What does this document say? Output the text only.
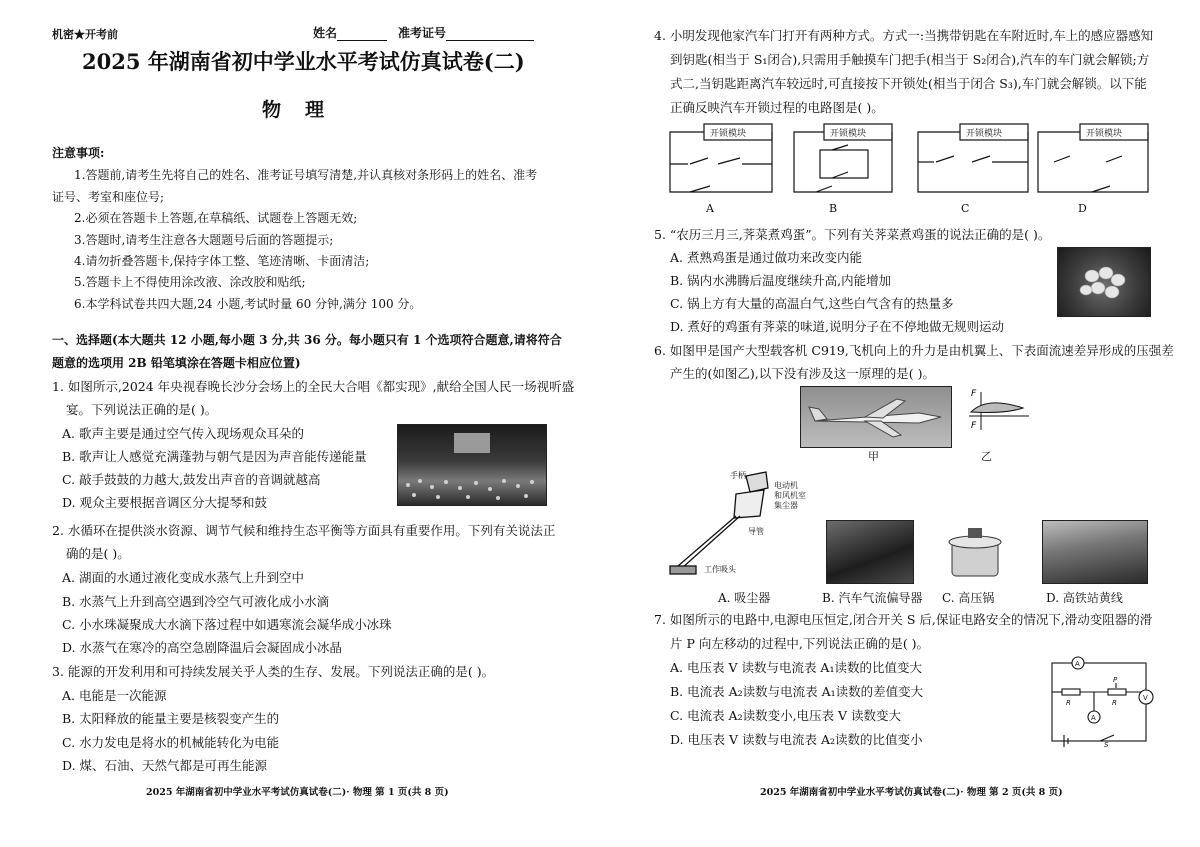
机密★开考前	姓名	准考证号
2025 年湖南省初中学业水平考试仿真试卷(二)
物理
注意事项:
1.答题前,请考生先将自己的姓名、准考证号填写清楚,并认真核对条形码上的姓名、准考
证号、考室和座位号;
2.必须在答题卡上答题,在草稿纸、试题卷上答题无效;
3.答题时,请考生注意各大题题号后面的答题提示;
4.请勿折叠答题卡,保持字体工整、笔迹清晰、卡面清洁;
5.答题卡上不得使用涂改液、涂改胶和贴纸;
6.本学科试卷共四大题,24 小题,考试时量 60 分钟,满分 100 分。
一、选择题(本大题共 12 小题,每小题 3 分,共 36 分。每小题只有 1 个选项符合题意,请将符合
题意的选项用 2B 铅笔填涂在答题卡相应位置)
1. 如图所示,2024 年央视春晚长沙分会场上的全民大合唱《都实现》,献给全国人民一场视听盛
宴。下列说法正确的是( )。
A. 歌声主要是通过空气传入现场观众耳朵的
B. 歌声让人感觉充满蓬勃与朝气是因为声音能传递能量
C. 敲手鼓鼓的力越大,鼓发出声音的音调就越高
D. 观众主要根据音调区分大提琴和鼓
2. 水循环在提供淡水资源、调节气候和维持生态平衡等方面具有重要作用。下列有关说法正
确的是( )。
A. 湖面的水通过液化变成水蒸气上升到空中
B. 水蒸气上升到高空遇到冷空气可液化成小水滴
C. 小水珠凝聚成大水滴下落过程中如遇寒流会凝华成小冰珠
D. 水蒸气在寒冷的高空急剧降温后会凝固成小冰晶
3. 能源的开发利用和可持续发展关乎人类的生存、发展。下列说法正确的是( )。
A. 电能是一次能源
B. 太阳释放的能量主要是核裂变产生的
C. 水力发电是将水的机械能转化为电能
D. 煤、石油、天然气都是可再生能源
2025 年湖南省初中学业水平考试仿真试卷(二)· 物理 第 1 页(共 8 页)
4. 小明发现他家汽车门打开有两种方式。方式一:当携带钥匙在车附近时,车上的感应器感知
到钥匙(相当于 S₁闭合),只需用手触摸车门把手(相当于 S₂闭合),汽车的车门就会解锁;方
式二,当钥匙距离汽车较远时,可直接按下开锁处(相当于闭合 S₃),车门就会解锁。以下能
正确反映汽车开锁过程的电路图是( )。
开锁模块	开锁模块	开锁模块	开锁模块
A	B	C	D
5. “农历三月三,荠菜煮鸡蛋”。下列有关荠菜煮鸡蛋的说法正确的是( )。
A. 煮熟鸡蛋是通过做功来改变内能
B. 锅内水沸腾后温度继续升高,内能增加
C. 锅上方有大量的高温白气,这些白气含有的热量多
D. 煮好的鸡蛋有荠菜的味道,说明分子在不停地做无规则运动
6. 如图甲是国产大型载客机 C919,飞机向上的升力是由机翼上、下表面流速差异形成的压强差
产生的(如图乙),以下没有涉及这一原理的是( )。
F
F
甲	乙
手柄
电动机
和风机室
集尘器
导管
工作吸头
A. 吸尘器	B. 汽车气流偏导器 C. 高压锅	D. 高铁站黄线
7. 如图所示的电路中,电源电压恒定,闭合开关 S 后,保证电路安全的情况下,滑动变阻器的滑
片 P 向左移动的过程中,下列说法正确的是( )。
A. 电压表 V 读数与电流表 A₁读数的比值变大
B. 电流表 A₂读数与电流表 A₁读数的差值变大
C. 电流表 A₂读数变小,电压表 V 读数变大
D. 电压表 V 读数与电流表 A₂读数的比值变小
A
P
R	R
A
V
S
2025 年湖南省初中学业水平考试仿真试卷(二)· 物理 第 2 页(共 8 页)
